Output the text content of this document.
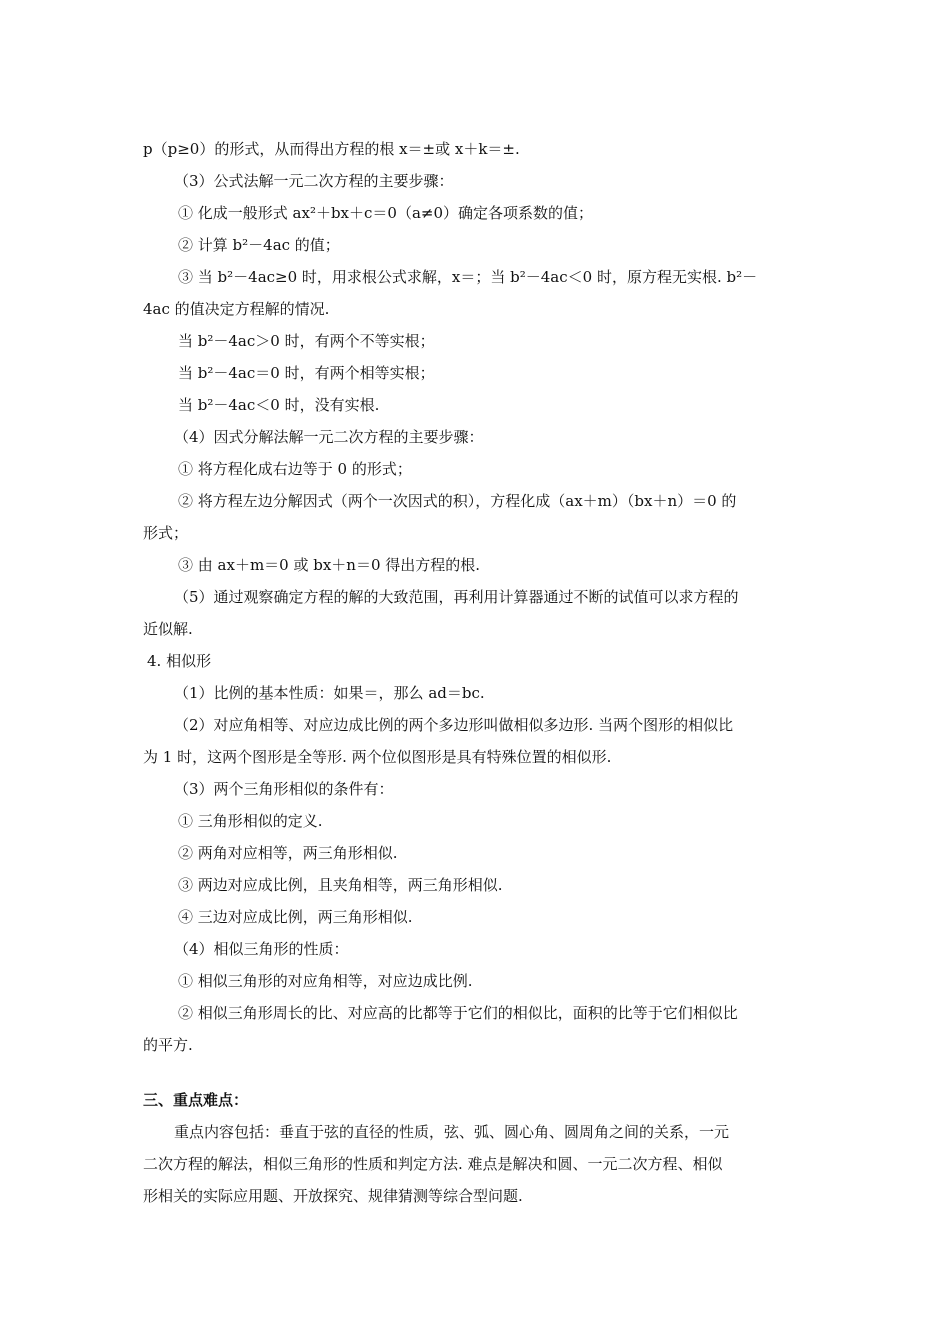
p（p≥0）的形式，从而得出方程的根 x＝±或 x＋k＝±.
（3）公式法解一元二次方程的主要步骤：
① 化成一般形式 ax²＋bx＋c＝0（a≠0）确定各项系数的值；
② 计算 b²－4ac 的值；
③ 当 b²－4ac≥0 时，用求根公式求解，x＝；当 b²－4ac＜0 时，原方程无实根. b²－
4ac 的值决定方程解的情况.
当 b²－4ac＞0 时，有两个不等实根；
当 b²－4ac＝0 时，有两个相等实根；
当 b²－4ac＜0 时，没有实根.
（4）因式分解法解一元二次方程的主要步骤：
① 将方程化成右边等于 0 的形式；
② 将方程左边分解因式（两个一次因式的积），方程化成（ax＋m）（bx＋n）＝0 的
形式；
③ 由 ax＋m＝0 或 bx＋n＝0 得出方程的根.
（5）通过观察确定方程的解的大致范围，再利用计算器通过不断的试值可以求方程的
近似解.
4. 相似形
（1）比例的基本性质：如果＝，那么 ad＝bc.
（2）对应角相等、对应边成比例的两个多边形叫做相似多边形. 当两个图形的相似比
为 1 时，这两个图形是全等形. 两个位似图形是具有特殊位置的相似形.
（3）两个三角形相似的条件有：
① 三角形相似的定义.
② 两角对应相等，两三角形相似.
③ 两边对应成比例，且夹角相等，两三角形相似.
④ 三边对应成比例，两三角形相似.
（4）相似三角形的性质：
① 相似三角形的对应角相等，对应边成比例.
② 相似三角形周长的比、对应高的比都等于它们的相似比，面积的比等于它们相似比
的平方.
三、重点难点：
重点内容包括：垂直于弦的直径的性质，弦、弧、圆心角、圆周角之间的关系，一元
二次方程的解法，相似三角形的性质和判定方法. 难点是解决和圆、一元二次方程、相似
形相关的实际应用题、开放探究、规律猜测等综合型问题.
